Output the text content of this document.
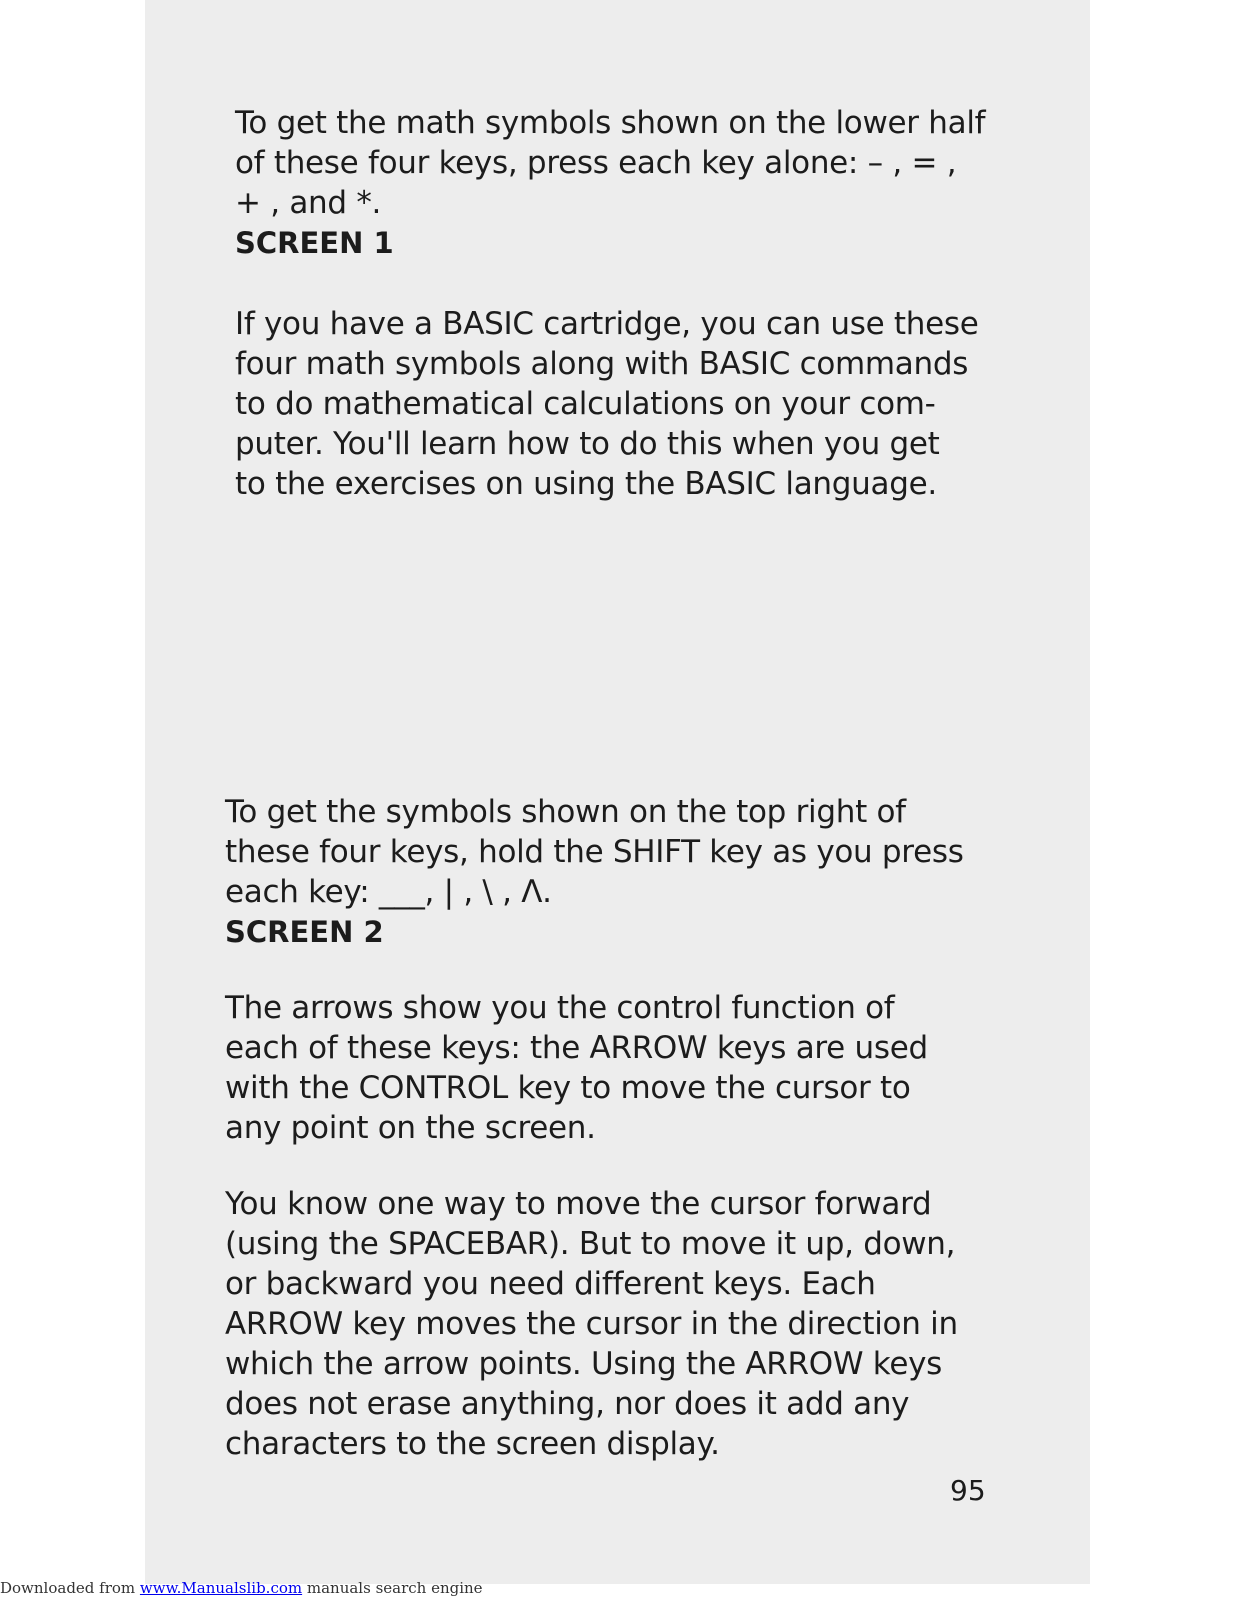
To get the math symbols shown on the lower half
of these four keys, press each key alone: – , = ,
+ , and *.

SCREEN 1

If you have a BASIC cartridge, you can use these
four math symbols along with BASIC commands
to do mathematical calculations on your com-
puter. You'll learn how to do this when you get
to the exercises on using the BASIC language.

To get the symbols shown on the top right of
these four keys, hold the SHIFT key as you press
each key: ___, | , \ , Λ.

SCREEN 2

The arrows show you the control function of
each of these keys: the ARROW keys are used
with the CONTROL key to move the cursor to
any point on the screen.

You know one way to move the cursor forward
(using the SPACEBAR). But to move it up, down,
or backward you need different keys. Each
ARROW key moves the cursor in the direction in
which the arrow points. Using the ARROW keys
does not erase anything, nor does it add any
characters to the screen display.

95
Downloaded from www.Manualslib.com manuals search engine
